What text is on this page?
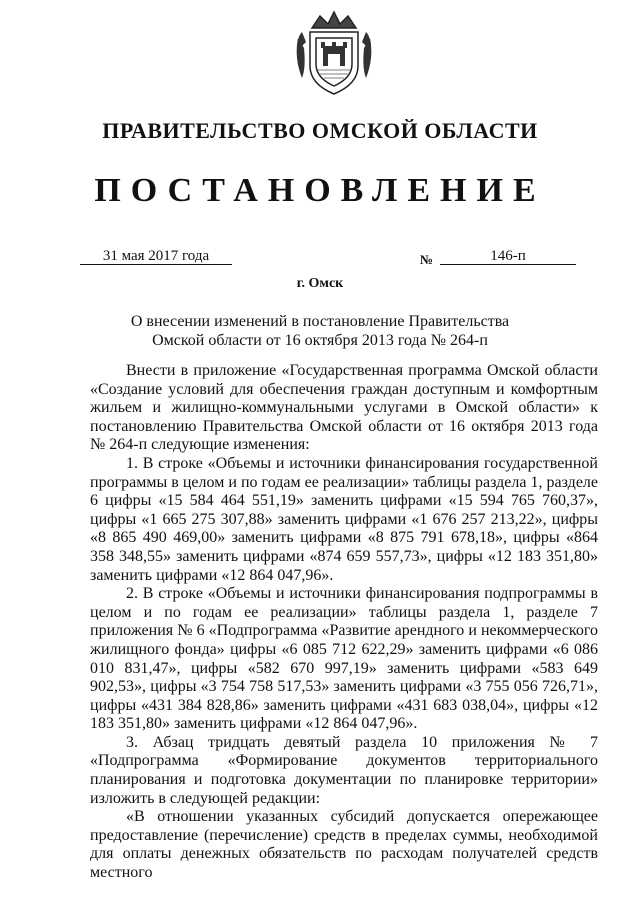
ПРАВИТЕЛЬСТВО ОМСКОЙ ОБЛАСТИ
ПОСТАНОВЛЕНИЕ
31 мая 2017 года	№	146-п
г. Омск
О внесении изменений в постановление Правительства Омской области от 16 октября 2013 года № 264-п

Внести в приложение «Государственная программа Омской области «Создание условий для обеспечения граждан доступным и комфортным жильем и жилищно-коммунальными услугами в Омской области» к постановлению Правительства Омской области от 16 октября 2013 года № 264-п следующие изменения:

1. В строке «Объемы и источники финансирования государственной программы в целом и по годам ее реализации» таблицы раздела 1, разделе 6 цифры «15 584 464 551,19» заменить цифрами «15 594 765 760,37», цифры «1 665 275 307,88» заменить цифрами «1 676 257 213,22», цифры «8 865 490 469,00» заменить цифрами «8 875 791 678,18», цифры «864 358 348,55» заменить цифрами «874 659 557,73», цифры «12 183 351,80» заменить цифрами «12 864 047,96».

2. В строке «Объемы и источники финансирования подпрограммы в целом и по годам ее реализации» таблицы раздела 1, разделе 7 приложения № 6 «Подпрограмма «Развитие арендного и некоммерческого жилищного фонда» цифры «6 085 712 622,29» заменить цифрами «6 086 010 831,47», цифры «582 670 997,19» заменить цифрами «583 649 902,53», цифры «3 754 758 517,53» заменить цифрами «3 755 056 726,71», цифры «431 384 828,86» заменить цифрами «431 683 038,04», цифры «12 183 351,80» заменить цифрами «12 864 047,96».

3. Абзац тридцать девятый раздела 10 приложения № 7 «Подпрограмма «Формирование документов территориального планирования и подготовка документации по планировке территории» изложить в следующей редакции:

«В отношении указанных субсидий допускается опережающее предоставление (перечисление) средств в пределах суммы, необходимой для оплаты денежных обязательств по расходам получателей средств местного
